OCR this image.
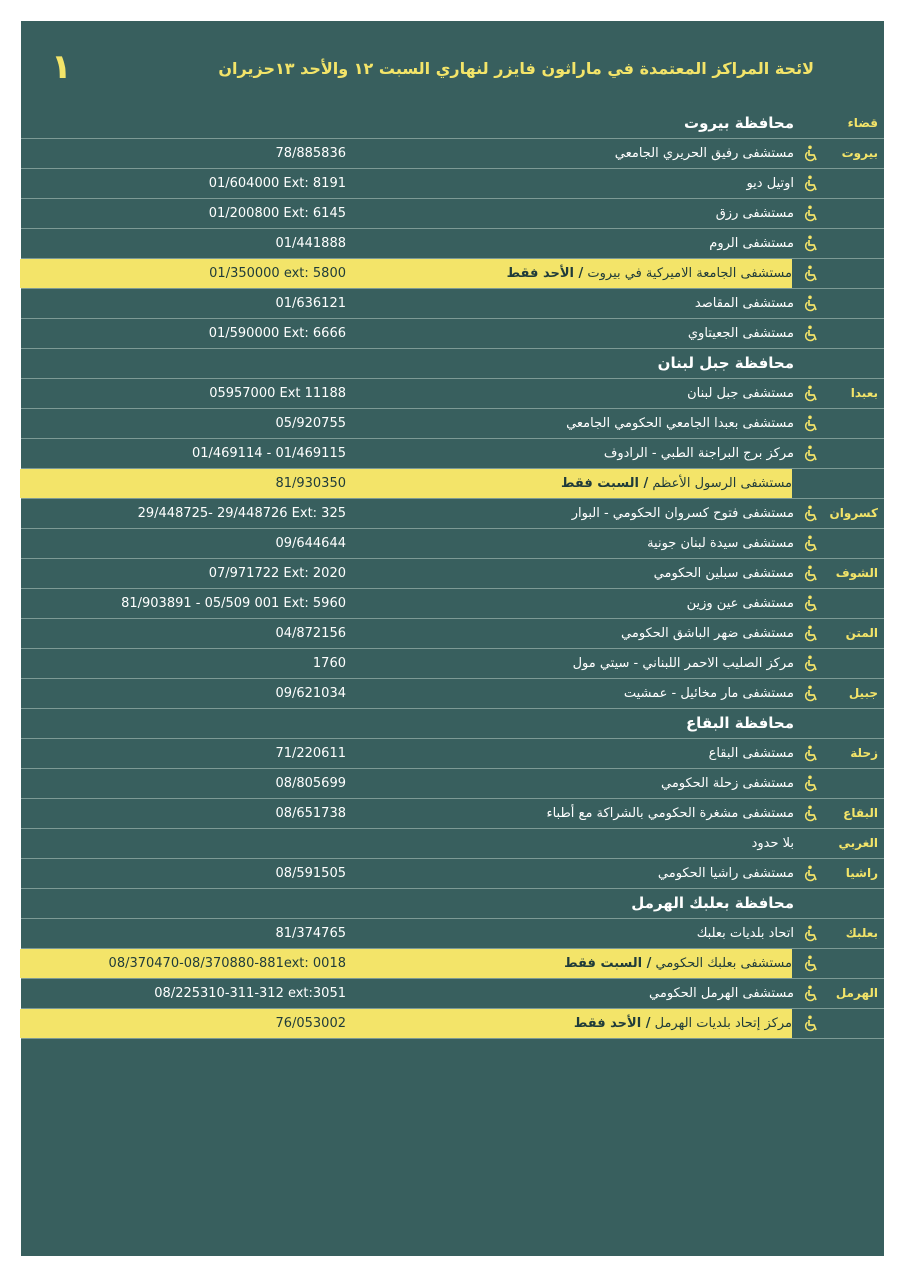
لائحة المراكز المعتمدة في ماراثون فايزر لنهاري السبت ١٢ والأحد ١٣حزيران
١
قضاء
محافظة بيروت
بيروت
مستشفى رفيق الحريري الجامعي
78/885836
اوتيل ديو
01/604000 Ext: 8191
مستشفى رزق
01/200800 Ext: 6145
مستشفى الروم
01/441888
مستشفى الجامعة الاميركية في بيروت / الأحد فقط
01/350000 ext: 5800
مستشفى المقاصد
01/636121
مستشفى الجعيتاوي
01/590000 Ext: 6666
محافظة جبل لبنان
بعبدا
مستشفى جبل لبنان
05957000 Ext 11188
مستشفى بعبدا الجامعي الحكومي الجامعي
05/920755
مركز برج البراجنة الطبي - الرادوف
01/469114 - 01/469115
مستشفى الرسول الأعظم / السبت فقط
81/930350
كسروان
مستشفى فتوح كسروان الحكومي - البوار
29/448725- 29/448726 Ext: 325
مستشفى سيدة لبنان جونية
09/644644
الشوف
مستشفى سبلين الحكومي
07/971722 Ext: 2020
مستشفى عين وزين
81/903891 - 05/509 001 Ext: 5960
المتن
مستشفى ضهر الباشق الحكومي
04/872156
مركز الصليب الاحمر اللبناني - سيتي مول
1760
جبيل
مستشفى مار مخائيل - عمشيت
09/621034
محافظة البقاع
زحلة
مستشفى البقاع
71/220611
مستشفى زحلة الحكومي
08/805699
البقاع
مستشفى مشغرة الحكومي بالشراكة مع أطباء
08/651738
الغربي
بلا حدود
راشيا
مستشفى راشيا الحكومي
08/591505
محافظة بعلبك الهرمل
بعلبك
اتحاد بلديات بعلبك
81/374765
مستشفى بعلبك الحكومي / السبت فقط
08/370470-08/370880-881ext: 0018
الهرمل
مستشفى الهرمل الحكومي
08/225310-311-312 ext:3051
مركز إتحاد بلديات الهرمل / الأحد فقط
76/053002
